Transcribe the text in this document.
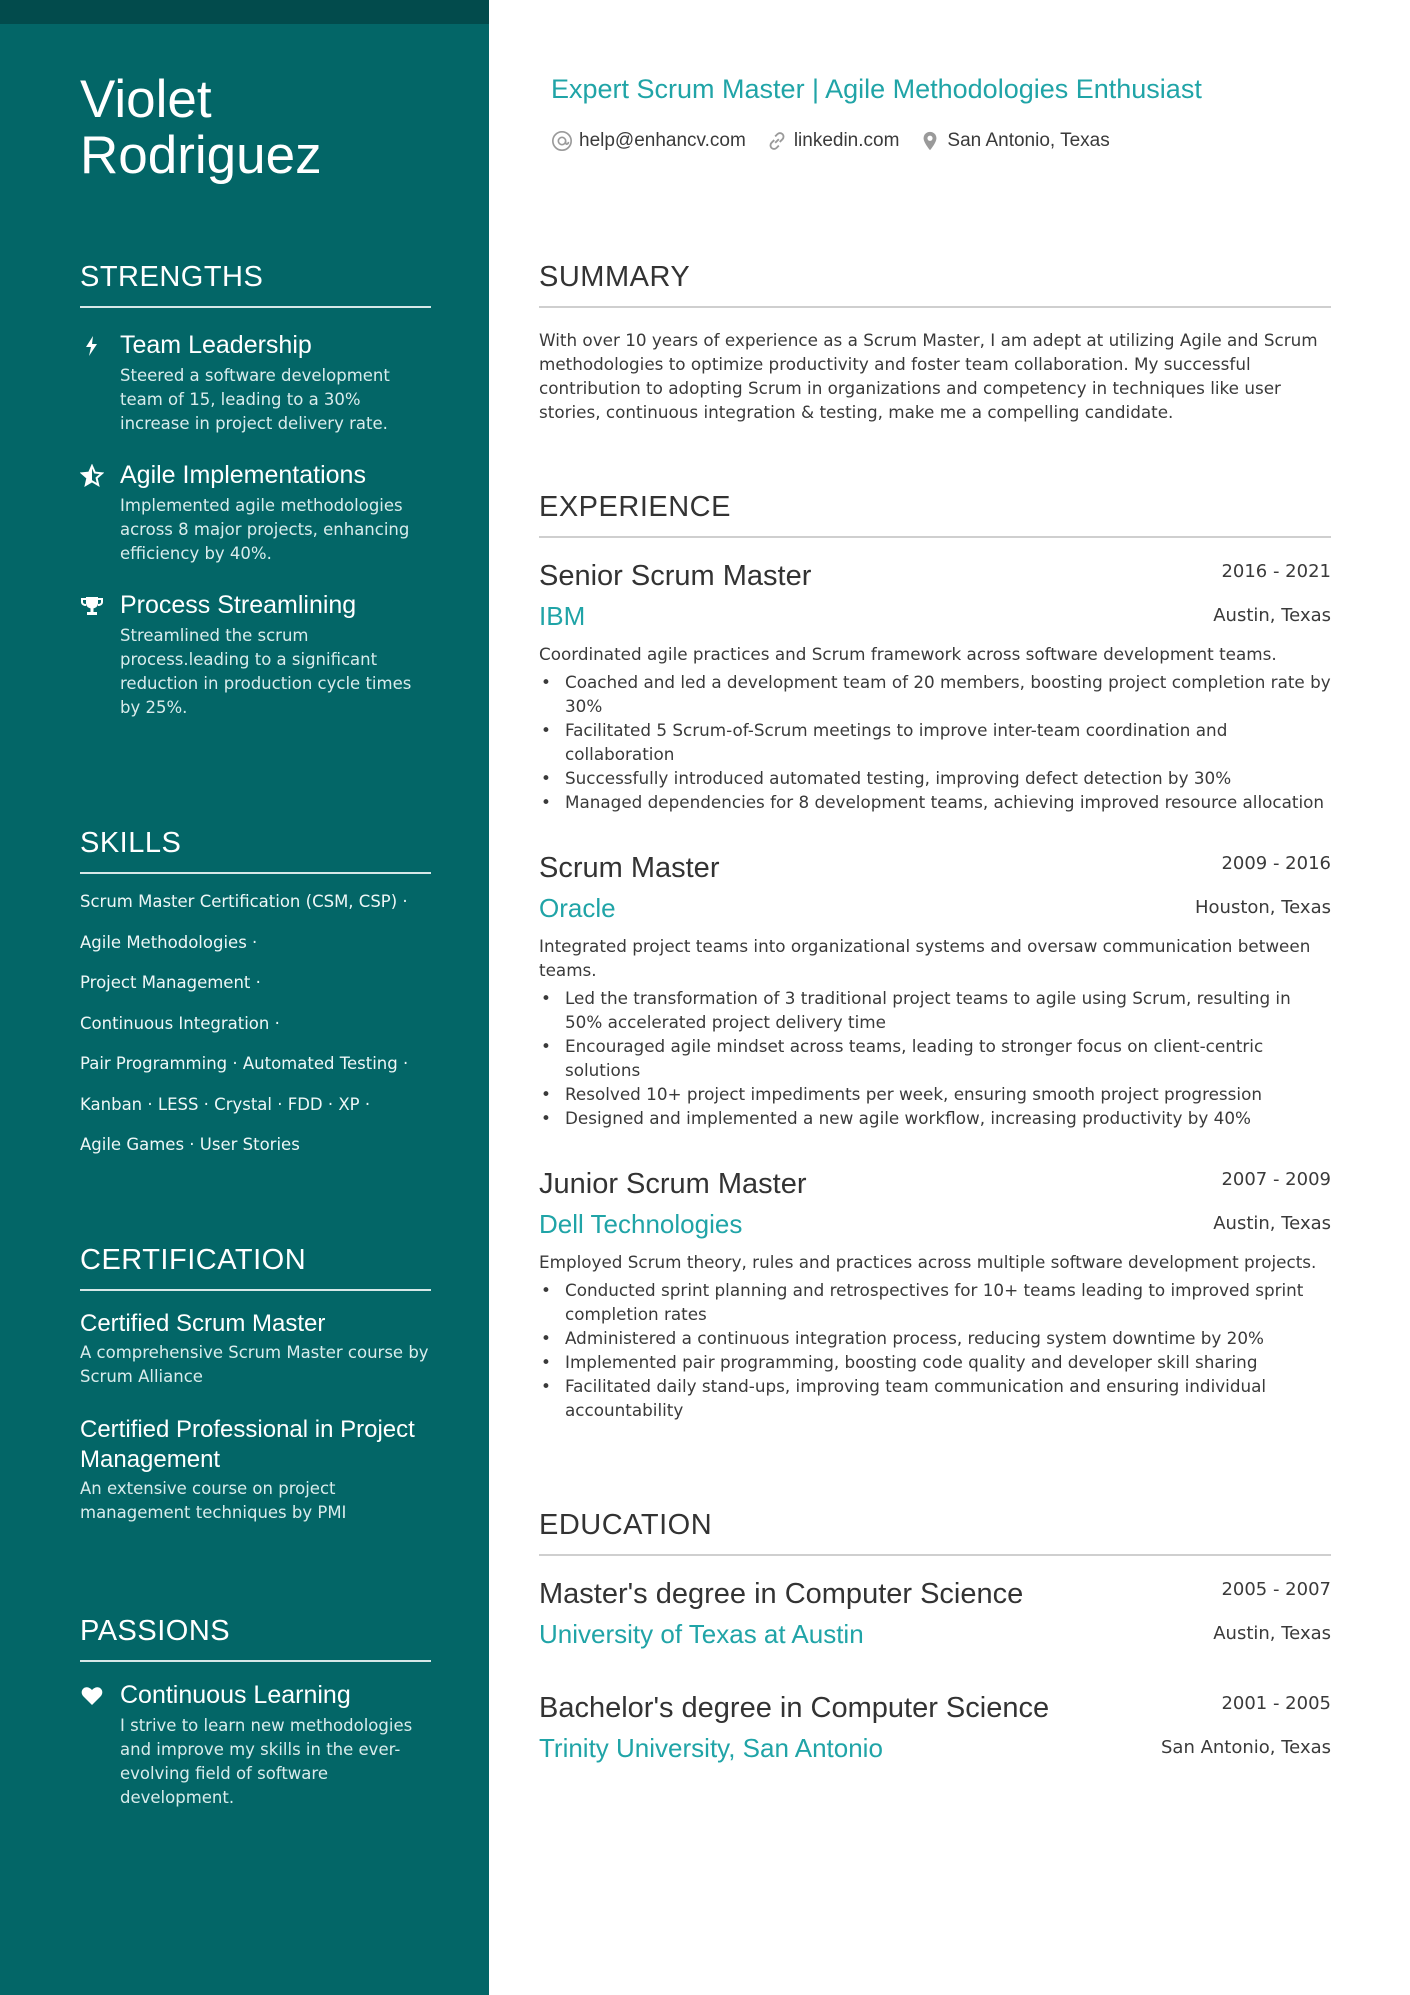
Violet Rodriguez
STRENGTHS
Team Leadership
Steered a software development team of 15, leading to a 30% increase in project delivery rate.
Agile Implementations
Implemented agile methodologies across 8 major projects, enhancing efficiency by 40%.
Process Streamlining
Streamlined the scrum process.leading to a significant reduction in production cycle times by 25%.
SKILLS
Scrum Master Certification (CSM, CSP) ·
Agile Methodologies ·
Project Management ·
Continuous Integration ·
Pair Programming · Automated Testing ·
Kanban · LESS · Crystal · FDD · XP ·
Agile Games · User Stories
CERTIFICATION
Certified Scrum Master
A comprehensive Scrum Master course by Scrum Alliance
Certified Professional in Project Management
An extensive course on project management techniques by PMI
PASSIONS
Continuous Learning
I strive to learn new methodologies and improve my skills in the ever-evolving field of software development.
Expert Scrum Master | Agile Methodologies Enthusiast
help@enhancv.com	linkedin.com	San Antonio, Texas
SUMMARY
With over 10 years of experience as a Scrum Master, I am adept at utilizing Agile and Scrum methodologies to optimize productivity and foster team collaboration. My successful contribution to adopting Scrum in organizations and competency in techniques like user stories, continuous integration & testing, make me a compelling candidate.
EXPERIENCE
Senior Scrum Master	2016 - 2021
IBM	Austin, Texas
Coordinated agile practices and Scrum framework across software development teams.
• Coached and led a development team of 20 members, boosting project completion rate by 30%
• Facilitated 5 Scrum-of-Scrum meetings to improve inter-team coordination and collaboration
• Successfully introduced automated testing, improving defect detection by 30%
• Managed dependencies for 8 development teams, achieving improved resource allocation
Scrum Master	2009 - 2016
Oracle	Houston, Texas
Integrated project teams into organizational systems and oversaw communication between teams.
• Led the transformation of 3 traditional project teams to agile using Scrum, resulting in 50% accelerated project delivery time
• Encouraged agile mindset across teams, leading to stronger focus on client-centric solutions
• Resolved 10+ project impediments per week, ensuring smooth project progression
• Designed and implemented a new agile workflow, increasing productivity by 40%
Junior Scrum Master	2007 - 2009
Dell Technologies	Austin, Texas
Employed Scrum theory, rules and practices across multiple software development projects.
• Conducted sprint planning and retrospectives for 10+ teams leading to improved sprint completion rates
• Administered a continuous integration process, reducing system downtime by 20%
• Implemented pair programming, boosting code quality and developer skill sharing
• Facilitated daily stand-ups, improving team communication and ensuring individual accountability
EDUCATION
Master's degree in Computer Science	2005 - 2007
University of Texas at Austin	Austin, Texas
Bachelor's degree in Computer Science	2001 - 2005
Trinity University, San Antonio	San Antonio, Texas
